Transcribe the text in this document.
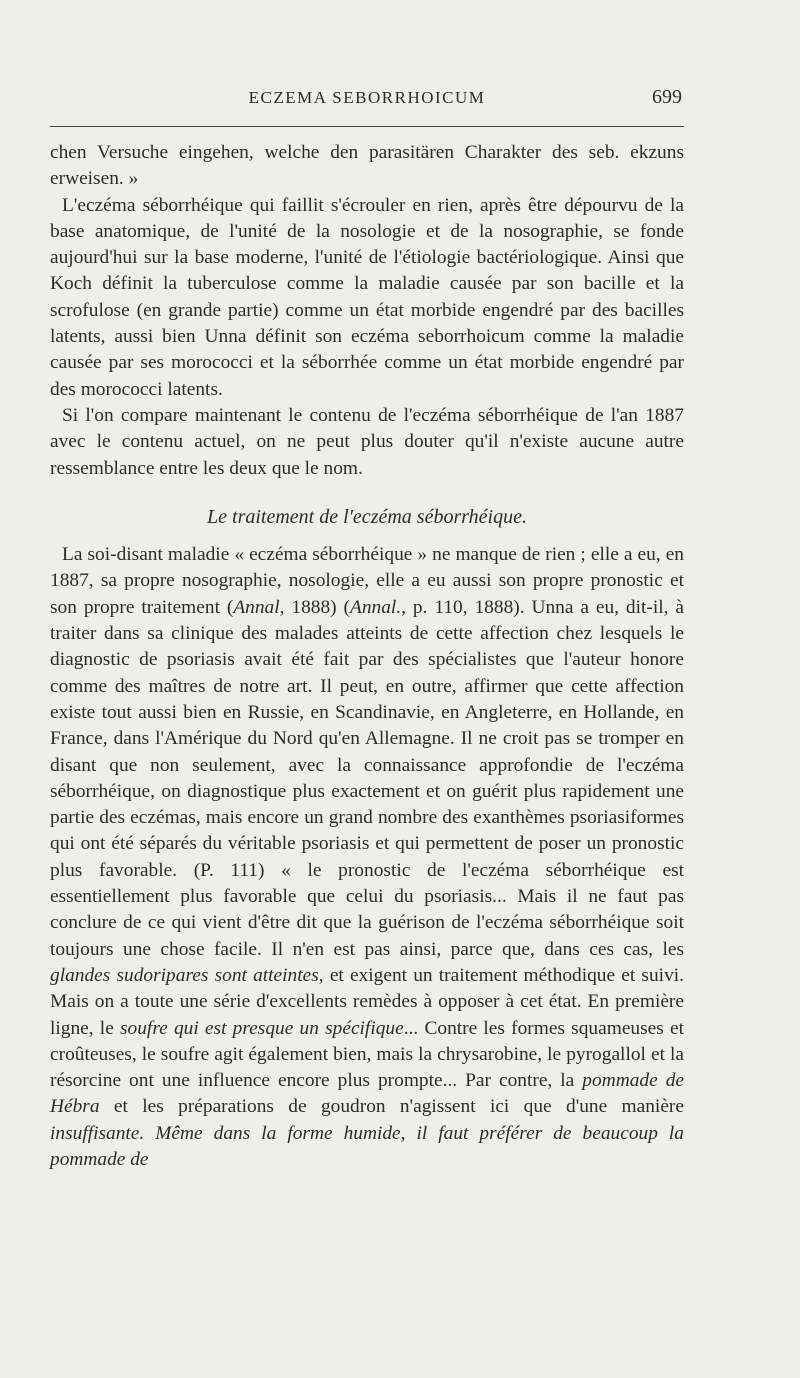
ECZEMA SEBORRHOICUM	699

chen Versuche eingehen, welche den parasitären Charakter des seb. ekzuns erweisen. »

L'eczéma séborrhéique qui faillit s'écrouler en rien, après être dépourvu de la base anatomique, de l'unité de la nosologie et de la nosographie, se fonde aujourd'hui sur la base moderne, l'unité de l'étiologie bactériologique. Ainsi que Koch définit la tuberculose comme la maladie causée par son bacille et la scrofulose (en grande partie) comme un état morbide engendré par des bacilles latents, aussi bien Unna définit son eczéma seborrhoicum comme la maladie causée par ses morococci et la séborrhée comme un état morbide engendré par des morococci latents.

Si l'on compare maintenant le contenu de l'eczéma séborrhéique de l'an 1887 avec le contenu actuel, on ne peut plus douter qu'il n'existe aucune autre ressemblance entre les deux que le nom.

Le traitement de l'eczéma séborrhéique.

La soi-disant maladie « eczéma séborrhéique » ne manque de rien ; elle a eu, en 1887, sa propre nosographie, nosologie, elle a eu aussi son propre pronostic et son propre traitement (Annal, 1888) (Annal., p. 110, 1888). Unna a eu, dit-il, à traiter dans sa clinique des malades atteints de cette affection chez lesquels le diagnostic de psoriasis avait été fait par des spécialistes que l'auteur honore comme des maîtres de notre art. Il peut, en outre, affirmer que cette affection existe tout aussi bien en Russie, en Scandinavie, en Angleterre, en Hollande, en France, dans l'Amérique du Nord qu'en Allemagne. Il ne croit pas se tromper en disant que non seulement, avec la connaissance approfondie de l'eczéma séborrhéique, on diagnostique plus exactement et on guérit plus rapidement une partie des eczémas, mais encore un grand nombre des exanthèmes psoriasiformes qui ont été séparés du véritable psoriasis et qui permettent de poser un pronostic plus favorable. (P. 111) « le pronostic de l'eczéma séborrhéique est essentiellement plus favorable que celui du psoriasis... Mais il ne faut pas conclure de ce qui vient d'être dit que la guérison de l'eczéma séborrhéique soit toujours une chose facile. Il n'en est pas ainsi, parce que, dans ces cas, les glandes sudoripares sont atteintes, et exigent un traitement méthodique et suivi. Mais on a toute une série d'excellents remèdes à opposer à cet état. En première ligne, le soufre qui est presque un spécifique... Contre les formes squameuses et croûteuses, le soufre agit également bien, mais la chrysarobine, le pyrogallol et la résorcine ont une influence encore plus prompte... Par contre, la pommade de Hébra et les préparations de goudron n'agissent ici que d'une manière insuffisante. Même dans la forme humide, il faut préférer de beaucoup la pommade de
